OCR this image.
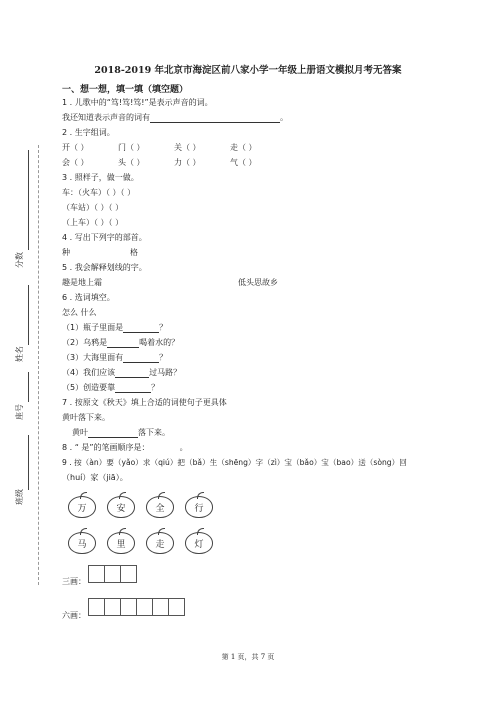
分数
姓名
座号
班级
2018-2019 年北京市海淀区前八家小学一年级上册语文模拟月考无答案
一、想一想，填一填（填空题）
1 . 儿歌中的“笃!笃!笃!”是表示声音的词。
我还知道表示声音的词有	。
2 . 生字组词。
开（ ）	门（ ）	关（ ）	走（ ）
会（ ）	头（ ）	力（ ）	气（ ）
3 . 照样子，做一做。
车：（火车）（ ）（ ）
（车站）（ ）（ ）
（上车）（ ）（ ）
4 . 写出下列字的部首。
种	格
5 . 我会解释划线的字。
趣是地上霜	低头思故乡
6 . 选词填空。
怎么 什么
（1）瓶子里面是	？
（2）乌鸦是	喝着水的？
（3）大海里面有	？
（4）我们应该	过马路？
（5）创造要靠	？
7 . 按原文《秋天》填上合适的词使句子更具体
黄叶落下来。
黄叶	落下来。
8 . “ 是”的笔画顺序是：	。
9 . 按（àn）要（yǎo）求（qiú）把（bǎ）生（shēng）字（zì）宝（bǎo）宝（bao）送（sòng）回
（huí）家（jiā）。
万	安	全	行
马	里	走	灯
三画：
六画：
第 1 页，共 7 页
